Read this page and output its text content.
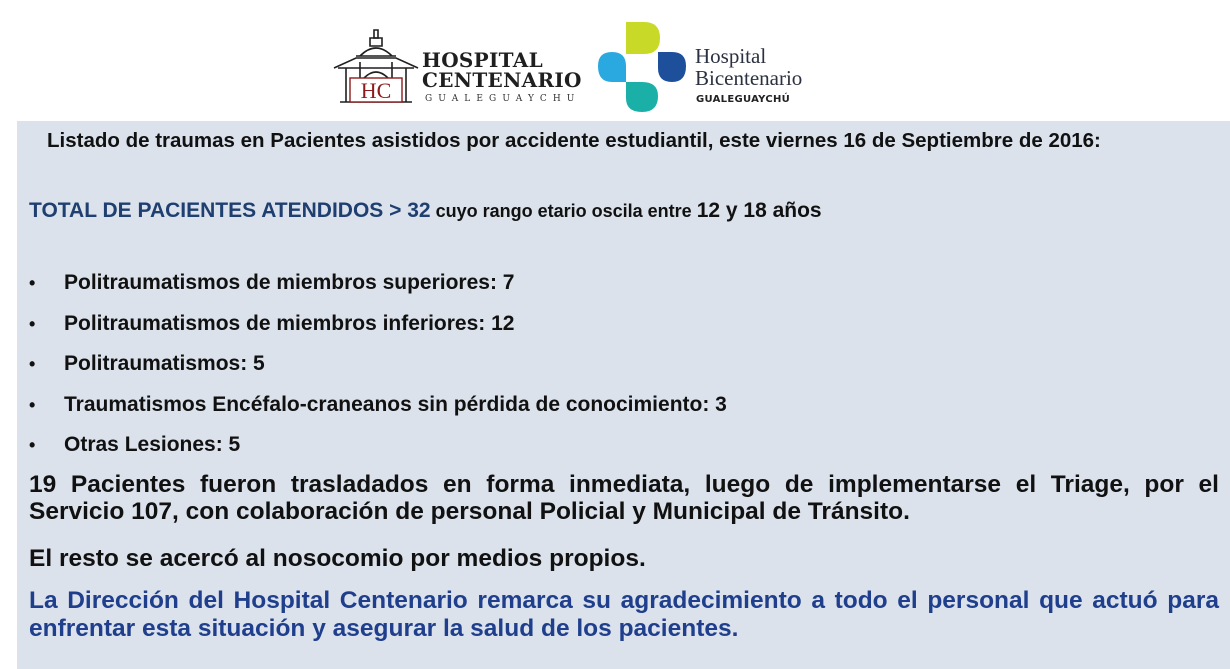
HC
HOSPITAL
CENTENARIO
GUALEGUAYCHU
Hospital
Bicentenario
GUALEGUAYCHÚ
Listado de traumas en Pacientes asistidos por accidente estudiantil, este viernes 16 de Septiembre de 2016:
TOTAL DE PACIENTES ATENDIDOS > 32 cuyo rango etario oscila entre 12 y 18 años
• Politraumatismos de miembros superiores: 7
• Politraumatismos de miembros inferiores: 12
• Politraumatismos: 5
• Traumatismos Encéfalo-craneanos sin pérdida de conocimiento: 3
• Otras Lesiones: 5
19 Pacientes fueron trasladados en forma inmediata, luego de implementarse el Triage, por el Servicio 107, con colaboración de personal Policial y Municipal de Tránsito.
El resto se acercó al nosocomio por medios propios.
La Dirección del Hospital Centenario remarca su agradecimiento a todo el personal que actuó para enfrentar esta situación y asegurar la salud de los pacientes.
